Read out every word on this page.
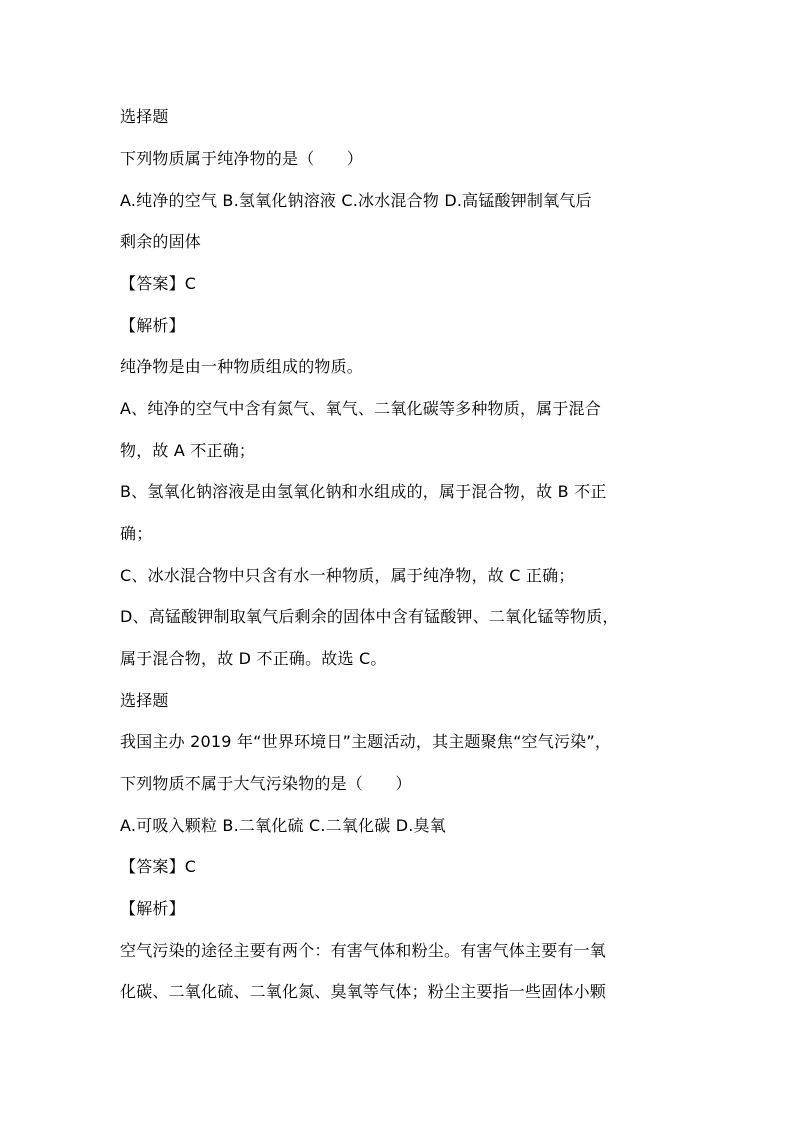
选择题
下列物质属于纯净物的是（　　）
A.纯净的空气 B.氢氧化钠溶液 C.冰水混合物 D.高锰酸钾制氧气后
剩余的固体
【答案】C
【解析】
纯净物是由一种物质组成的物质。
A、纯净的空气中含有氮气、氧气、二氧化碳等多种物质，属于混合
物，故 A 不正确；
B、氢氧化钠溶液是由氢氧化钠和水组成的，属于混合物，故 B 不正
确；
C、冰水混合物中只含有水一种物质，属于纯净物，故 C 正确；
D、高锰酸钾制取氧气后剩余的固体中含有锰酸钾、二氧化锰等物质，
属于混合物，故 D 不正确。故选 C。
选择题
我国主办 2019 年“世界环境日”主题活动，其主题聚焦“空气污染”，
下列物质不属于大气污染物的是（　　）
A.可吸入颗粒 B.二氧化硫 C.二氧化碳 D.臭氧
【答案】C
【解析】
空气污染的途径主要有两个：有害气体和粉尘。有害气体主要有一氧
化碳、二氧化硫、二氧化氮、臭氧等气体；粉尘主要指一些固体小颗
